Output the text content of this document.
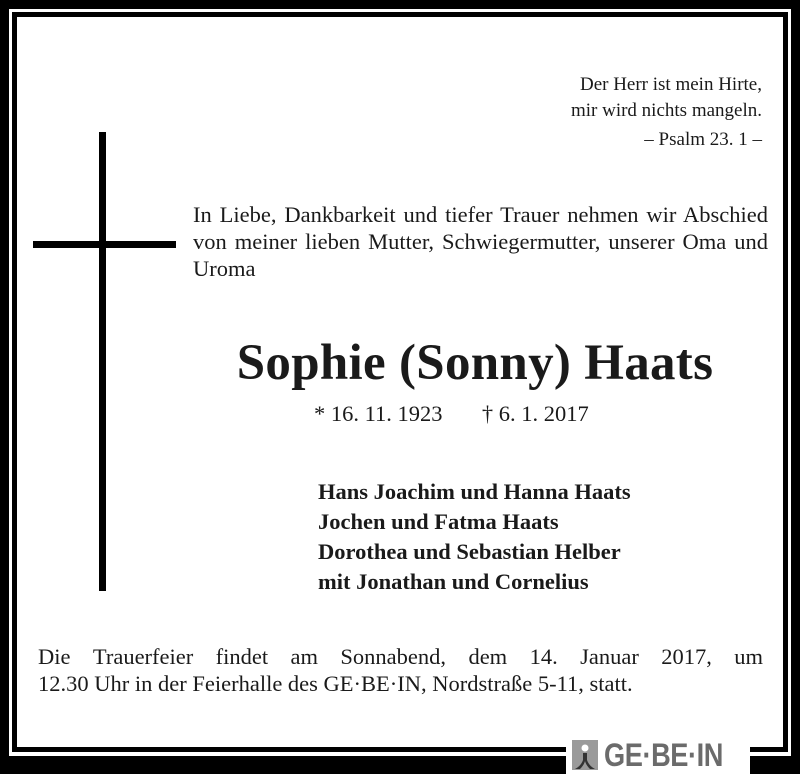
Der Herr ist mein Hirte,
mir wird nichts mangeln.
– Psalm 23. 1 –
In Liebe, Dankbarkeit und tiefer Trauer nehmen wir Abschied von meiner lieben Mutter, Schwiegermutter, unserer Oma und Uroma
Sophie (Sonny) Haats
* 16. 11. 1923       † 6. 1. 2017
Hans Joachim und Hanna Haats
Jochen und Fatma Haats
Dorothea und Sebastian Helber
mit Jonathan und Cornelius
Die Trauerfeier findet am Sonnabend, dem 14. Januar 2017, um
12.30 Uhr in der Feierhalle des GE·BE·IN, Nordstraße 5-11, statt.
GE·BE·IN
